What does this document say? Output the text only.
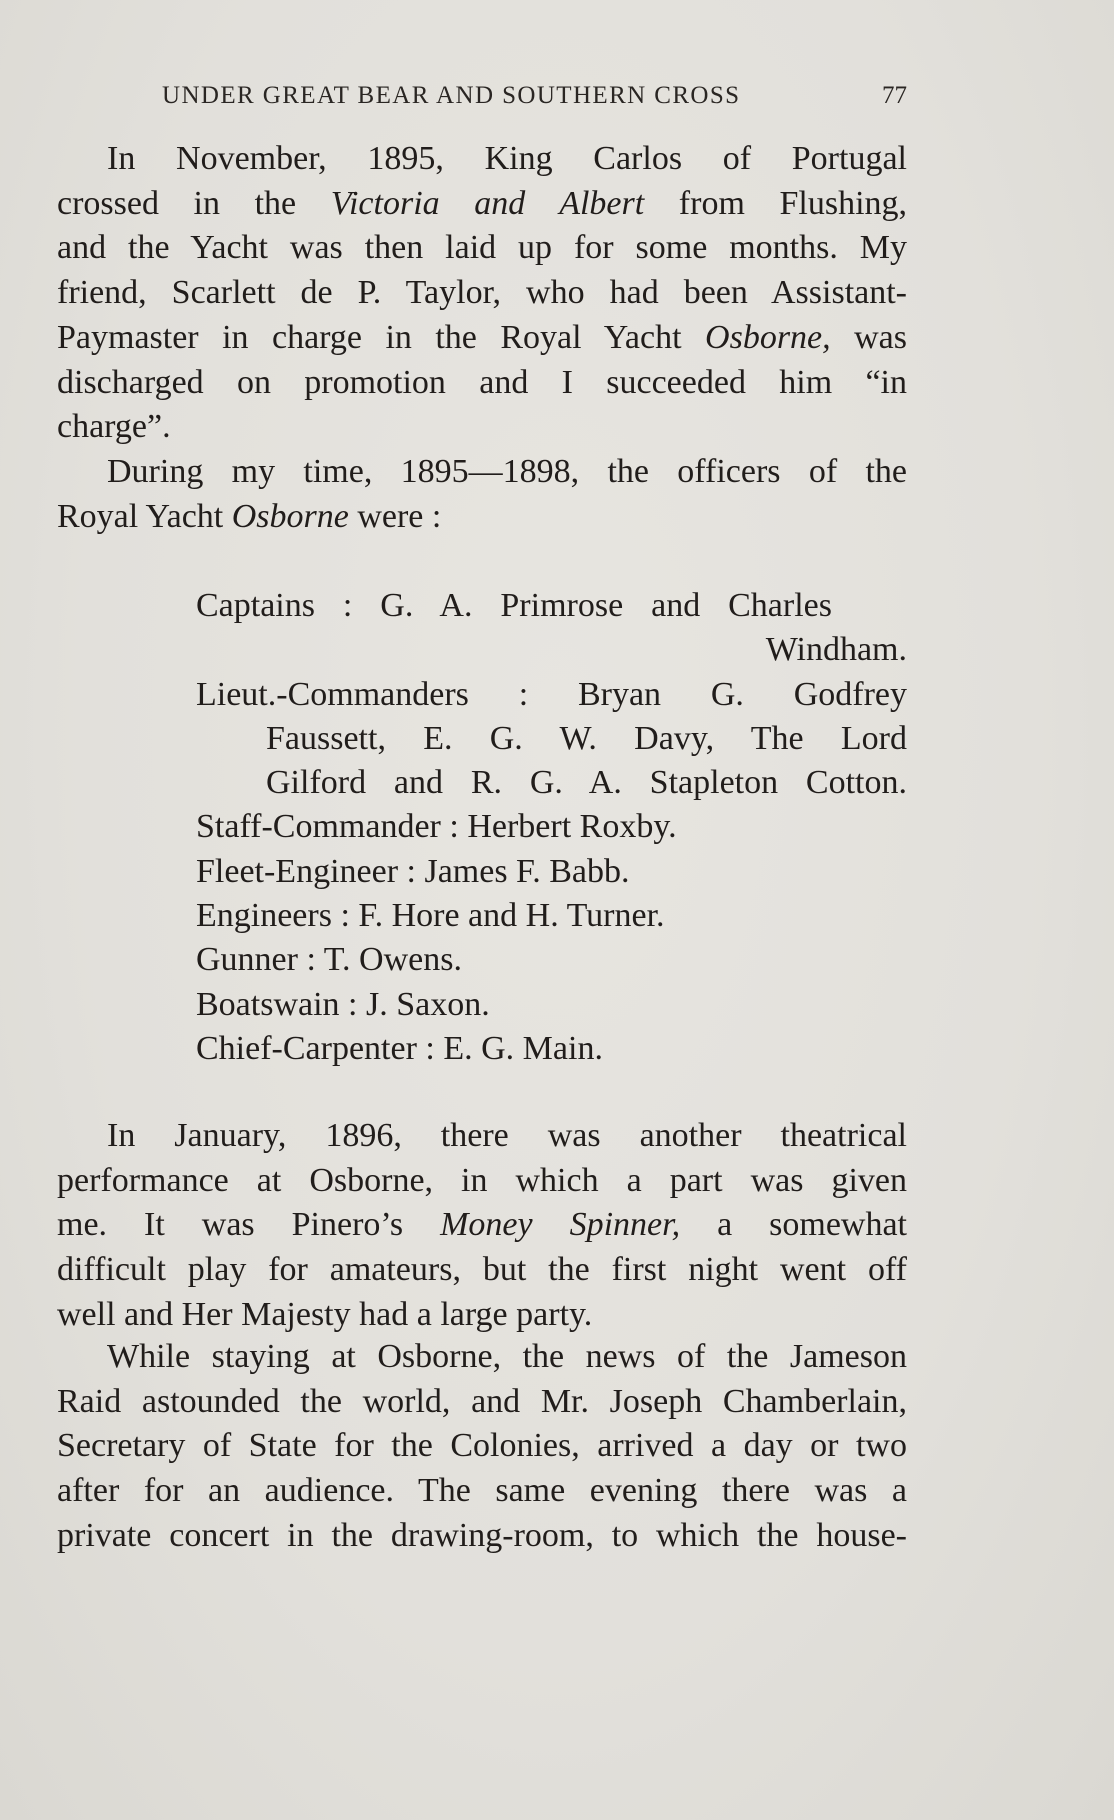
UNDER GREAT BEAR AND SOUTHERN CROSS	77
In November, 1895, King Carlos of Portugal
crossed in the Victoria and Albert from Flushing,
and the Yacht was then laid up for some months. My
friend, Scarlett de P. Taylor, who had been Assistant-
Paymaster in charge in the Royal Yacht Osborne, was
discharged on promotion and I succeeded him “in
charge”.
During my time, 1895—1898, the officers of the
Royal Yacht Osborne were :
Captains : G. A. Primrose and Charles
Windham.
Lieut.-Commanders : Bryan G. Godfrey
Faussett, E. G. W. Davy, The Lord
Gilford and R. G. A. Stapleton Cotton.
Staff-Commander : Herbert Roxby.
Fleet-Engineer : James F. Babb.
Engineers : F. Hore and H. Turner.
Gunner : T. Owens.
Boatswain : J. Saxon.
Chief-Carpenter : E. G. Main.
In January, 1896, there was another theatrical
performance at Osborne, in which a part was given
me. It was Pinero’s Money Spinner, a somewhat
difficult play for amateurs, but the first night went off
well and Her Majesty had a large party.
While staying at Osborne, the news of the Jameson
Raid astounded the world, and Mr. Joseph Chamberlain,
Secretary of State for the Colonies, arrived a day or two
after for an audience. The same evening there was a
private concert in the drawing-room, to which the house-
